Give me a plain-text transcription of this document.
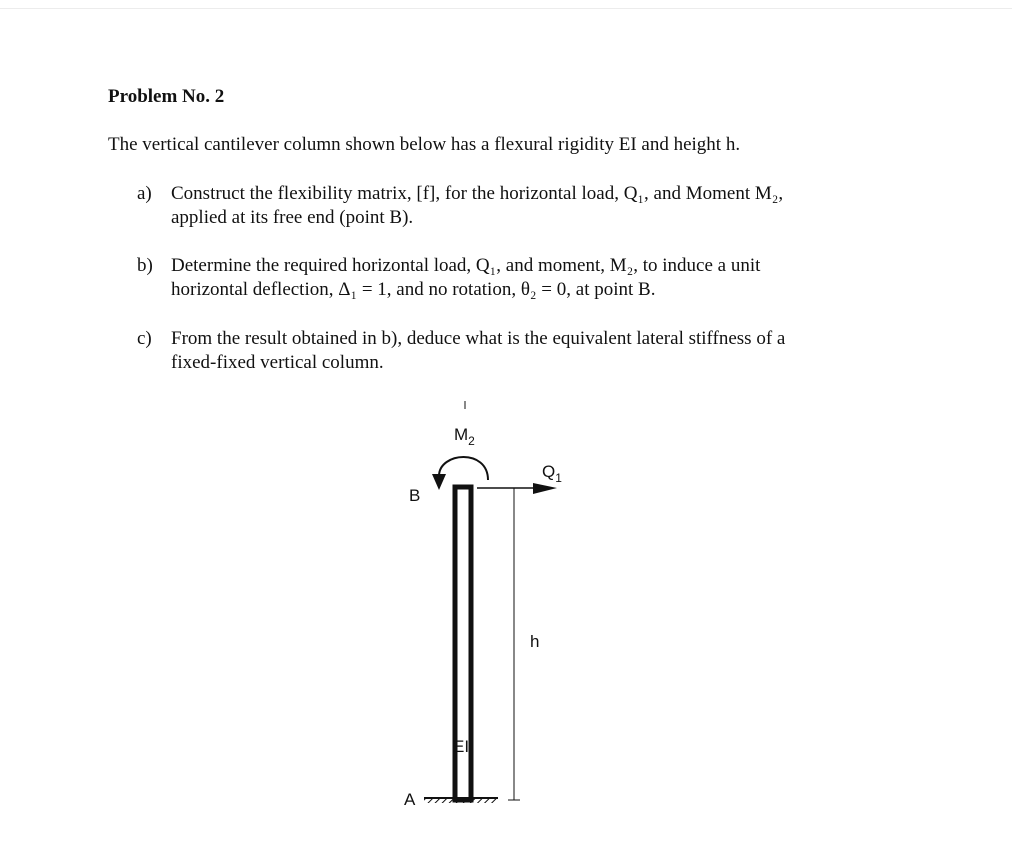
Problem No. 2
The vertical cantilever column shown below has a flexural rigidity EI and height h.
a)	Construct the flexibility matrix, [f], for the horizontal load, Q₁, and Moment M₂,
applied at its free end (point B).
b) Determine the required horizontal load, Q₁, and moment, M₂, to induce a unit
horizontal deflection, Δ₁ = 1, and no rotation, θ₂ = 0, at point B.
c)	From the result obtained in b), deduce what is the equivalent lateral stiffness of a
fixed-fixed vertical column.
$M_2$
$Q_1$
B
EI
h
A
